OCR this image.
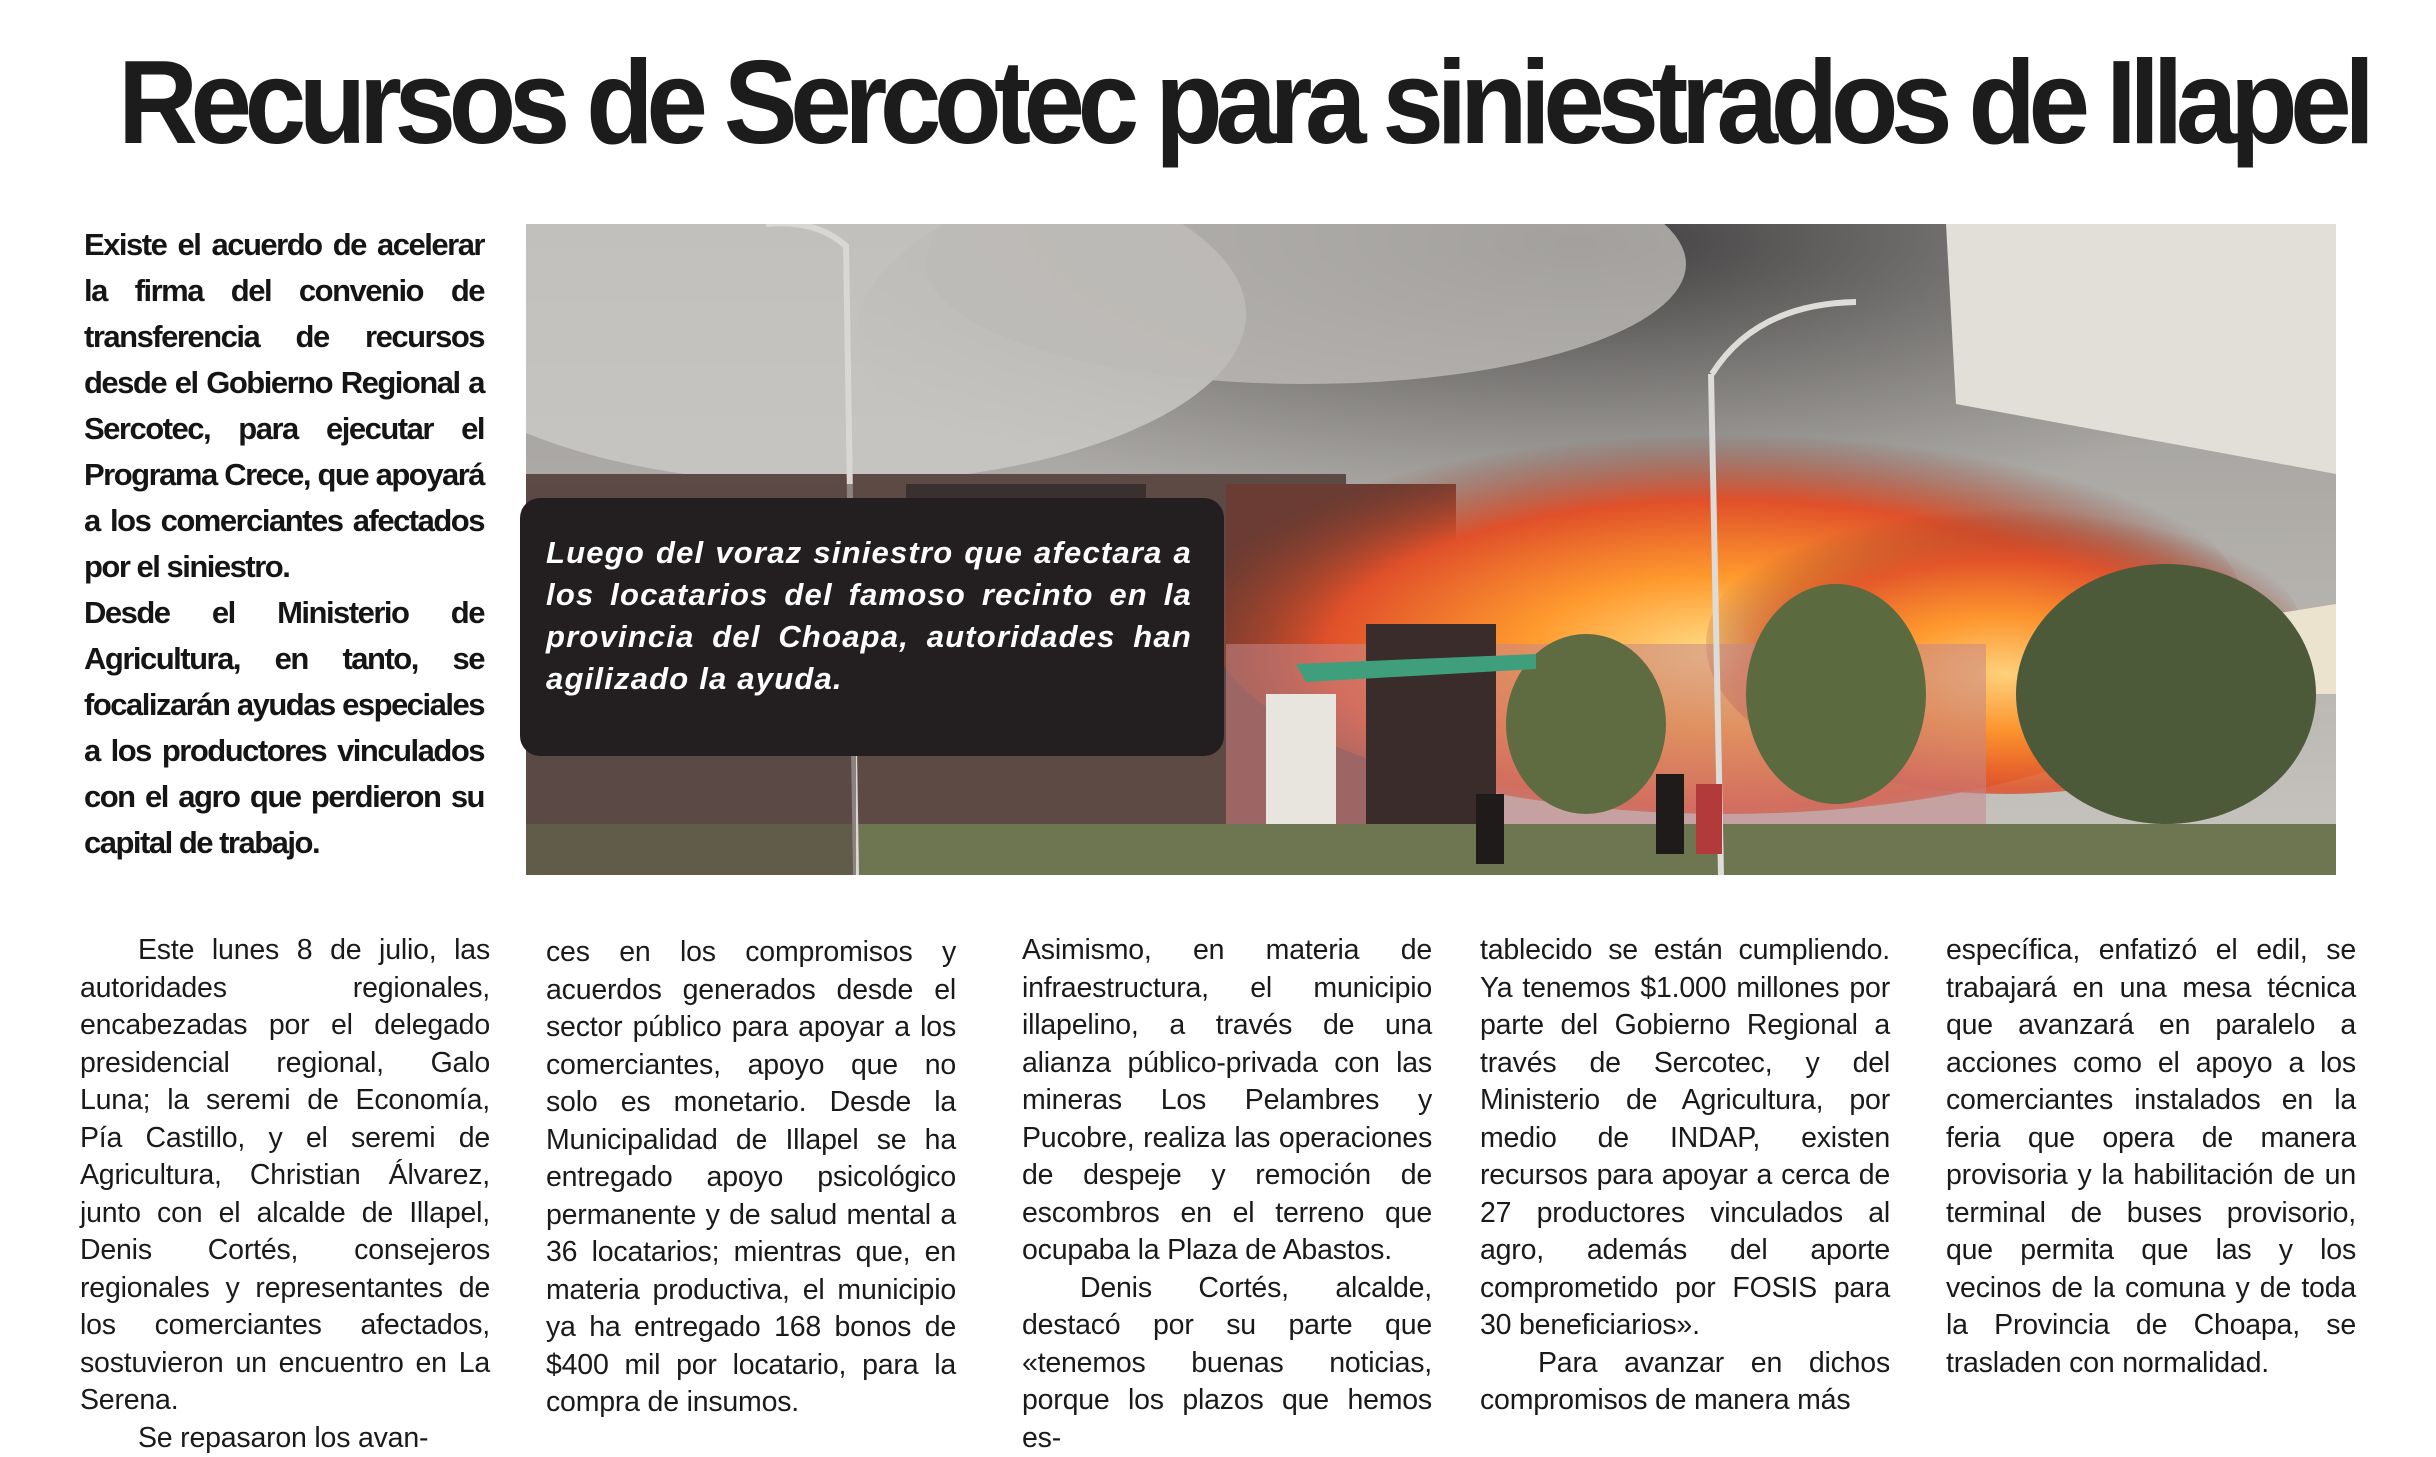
Recursos de Sercotec para siniestrados de Illapel

Existe el acuerdo de acelerar la firma del convenio de transferencia de recursos desde el Gobierno Regional a Sercotec, para ejecutar el Programa Crece, que apoyará a los comerciantes afectados por el siniestro.

Desde el Ministerio de Agricultura, en tanto, se focalizarán ayudas especiales a los productores vinculados con el agro que perdieron su capital de trabajo.

Luego del voraz siniestro que afectara a los locatarios del famoso recinto en la provincia del Choapa, autoridades han agilizado la ayuda.

Este lunes 8 de julio, las autoridades regionales, encabezadas por el delegado presidencial regional, Galo Luna; la seremi de Economía, Pía Castillo, y el seremi de Agricultura, Christian Álvarez, junto con el alcalde de Illapel, Denis Cortés, consejeros regionales y representantes de los comerciantes afectados, sostuvieron un encuentro en La Serena.

Se repasaron los avan-

ces en los compromisos y acuerdos generados desde el sector público para apoyar a los comerciantes, apoyo que no solo es monetario. Desde la Municipalidad de Illapel se ha entregado apoyo psicológico permanente y de salud mental a 36 locatarios; mientras que, en materia productiva, el municipio ya ha entregado 168 bonos de $400 mil por locatario, para la compra de insumos.

Asimismo, en materia de infraestructura, el municipio illapelino, a través de una alianza público-privada con las mineras Los Pelambres y Pucobre, realiza las operaciones de despeje y remoción de escombros en el terreno que ocupaba la Plaza de Abastos.

Denis Cortés, alcalde, destacó por su parte que «tenemos buenas noticias, porque los plazos que hemos es-

tablecido se están cumpliendo. Ya tenemos $1.000 millones por parte del Gobierno Regional a través de Sercotec, y del Ministerio de Agricultura, por medio de INDAP, existen recursos para apoyar a cerca de 27 productores vinculados al agro, además del aporte comprometido por FOSIS para 30 beneficiarios».

Para avanzar en dichos compromisos de manera más

específica, enfatizó el edil, se trabajará en una mesa técnica que avanzará en paralelo a acciones como el apoyo a los comerciantes instalados en la feria que opera de manera provisoria y la habilitación de un terminal de buses provisorio, que permita que las y los vecinos de la comuna y de toda la Provincia de Choapa, se trasladen con normalidad.
